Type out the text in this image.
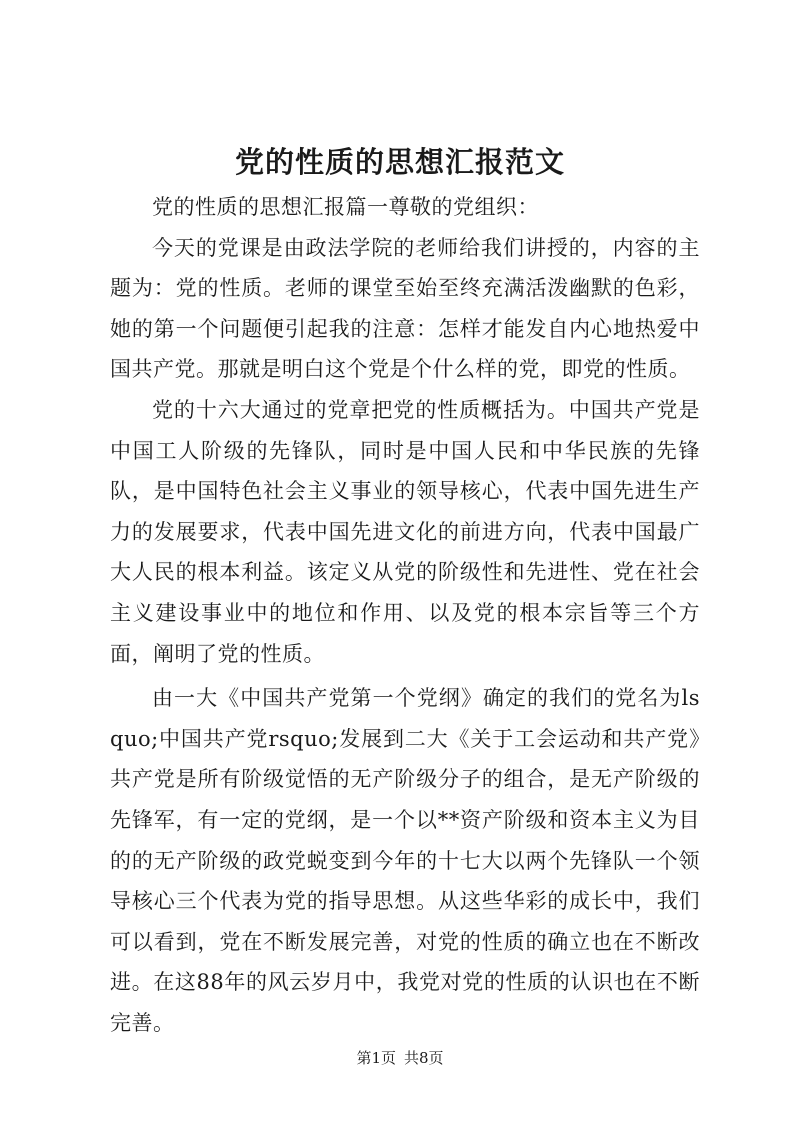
党的性质的思想汇报范文

党的性质的思想汇报篇一尊敬的党组织：

今天的党课是由政法学院的老师给我们讲授的，内容的主题为：党的性质。老师的课堂至始至终充满活泼幽默的色彩，她的第一个问题便引起我的注意：怎样才能发自内心地热爱中国共产党。那就是明白这个党是个什么样的党，即党的性质。

党的十六大通过的党章把党的性质概括为。中国共产党是中国工人阶级的先锋队，同时是中国人民和中华民族的先锋队，是中国特色社会主义事业的领导核心，代表中国先进生产力的发展要求，代表中国先进文化的前进方向，代表中国最广大人民的根本利益。该定义从党的阶级性和先进性、党在社会主义建设事业中的地位和作用、以及党的根本宗旨等三个方面，阐明了党的性质。

由一大《中国共产党第一个党纲》确定的我们的党名为lsquo;中国共产党rsquo;发展到二大《关于工会运动和共产党》共产党是所有阶级觉悟的无产阶级分子的组合，是无产阶级的先锋军，有一定的党纲，是一个以**资产阶级和资本主义为目的的无产阶级的政党蜕变到今年的十七大以两个先锋队一个领导核心三个代表为党的指导思想。从这些华彩的成长中，我们可以看到，党在不断发展完善，对党的性质的确立也在不断改进。在这88年的风云岁月中，我党对党的性质的认识也在不断完善。

第1页 共8页
